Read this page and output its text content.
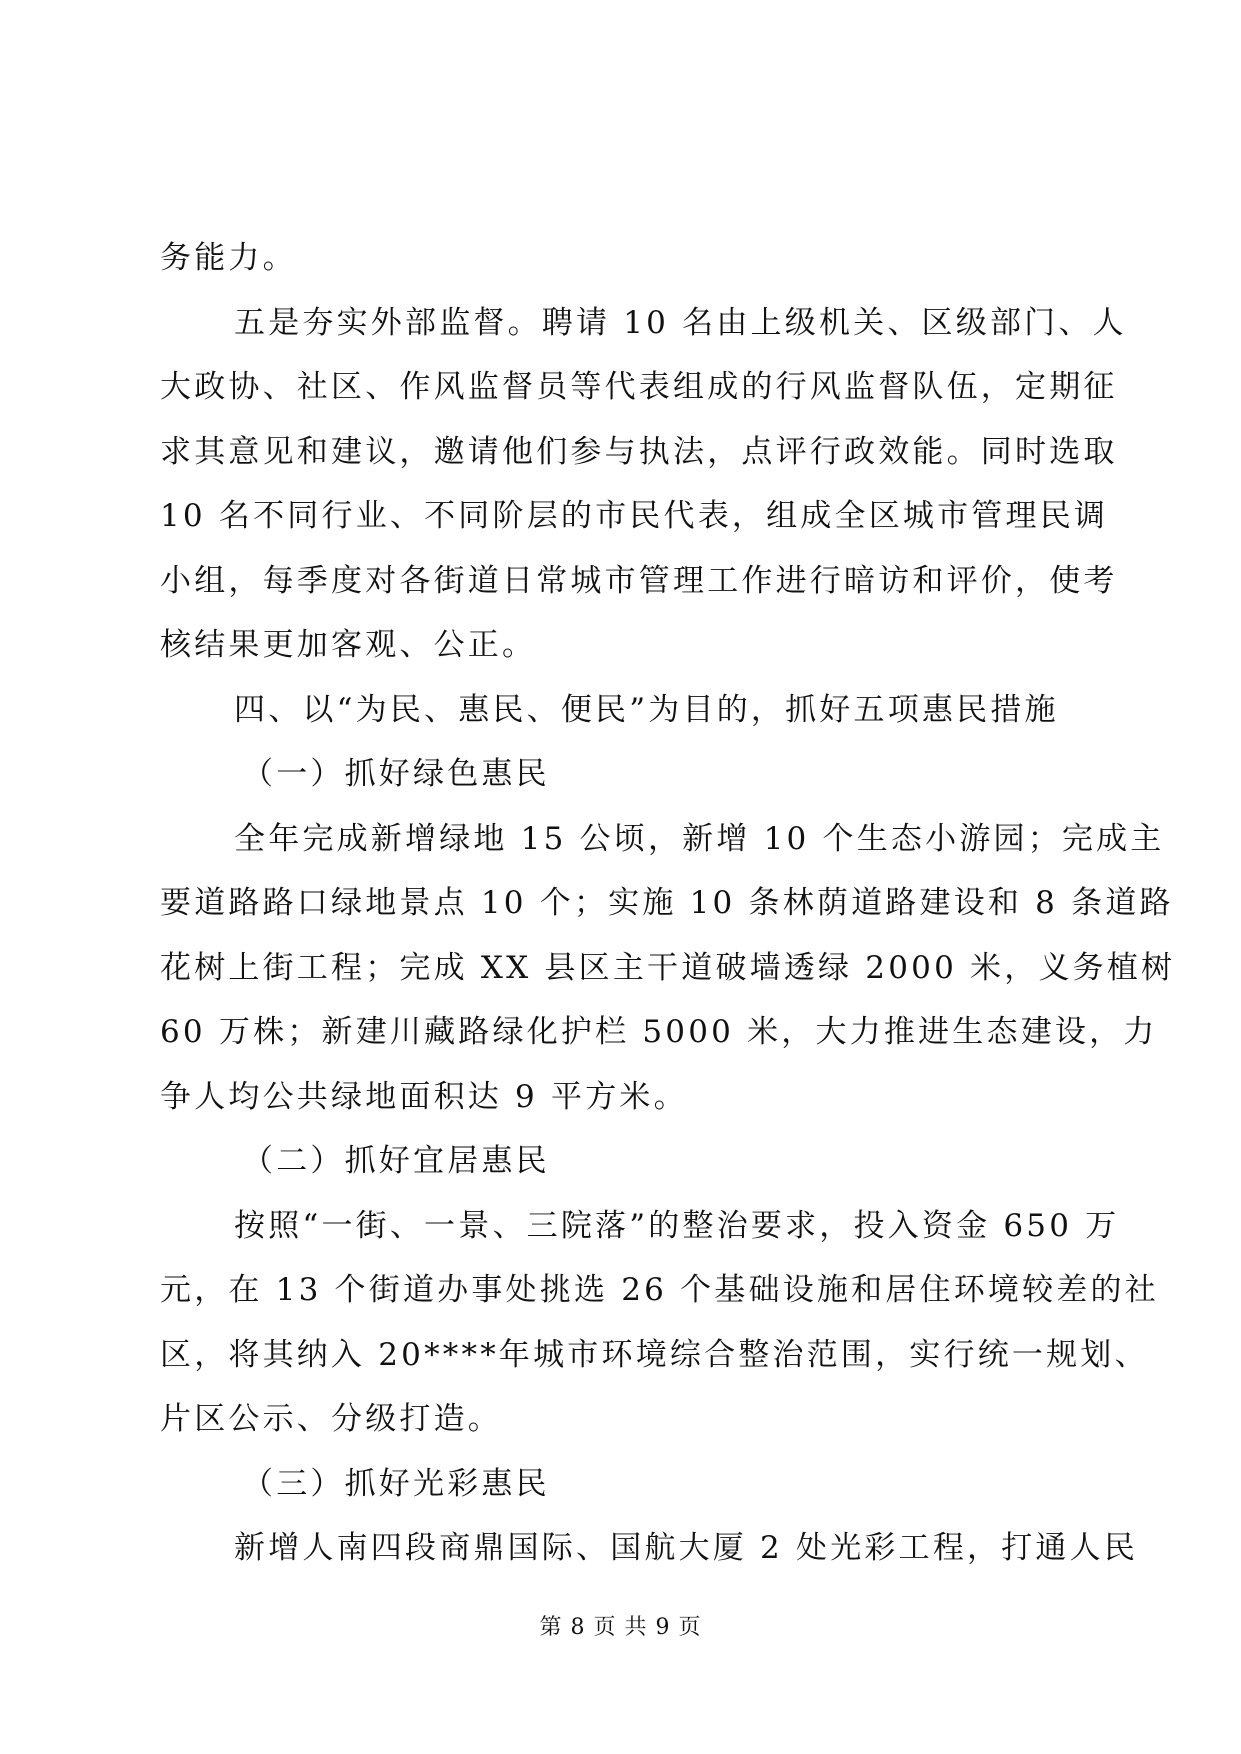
务能力。
五是夯实外部监督。聘请 10 名由上级机关、区级部门、人
大政协、社区、作风监督员等代表组成的行风监督队伍，定期征
求其意见和建议，邀请他们参与执法，点评行政效能。同时选取
10 名不同行业、不同阶层的市民代表，组成全区城市管理民调
小组，每季度对各街道日常城市管理工作进行暗访和评价，使考
核结果更加客观、公正。
四、以“为民、惠民、便民”为目的，抓好五项惠民措施
（一）抓好绿色惠民
全年完成新增绿地 15 公顷，新增 10 个生态小游园；完成主
要道路路口绿地景点 10 个；实施 10 条林荫道路建设和 8 条道路
花树上街工程；完成 XX 县区主干道破墙透绿 2000 米，义务植树
60 万株；新建川藏路绿化护栏 5000 米，大力推进生态建设，力
争人均公共绿地面积达 9 平方米。
（二）抓好宜居惠民
按照“一街、一景、三院落”的整治要求，投入资金 650 万
元，在 13 个街道办事处挑选 26 个基础设施和居住环境较差的社
区，将其纳入 20****年城市环境综合整治范围，实行统一规划、
片区公示、分级打造。
（三）抓好光彩惠民
新增人南四段商鼎国际、国航大厦 2 处光彩工程，打通人民
第 8 页 共 9 页
